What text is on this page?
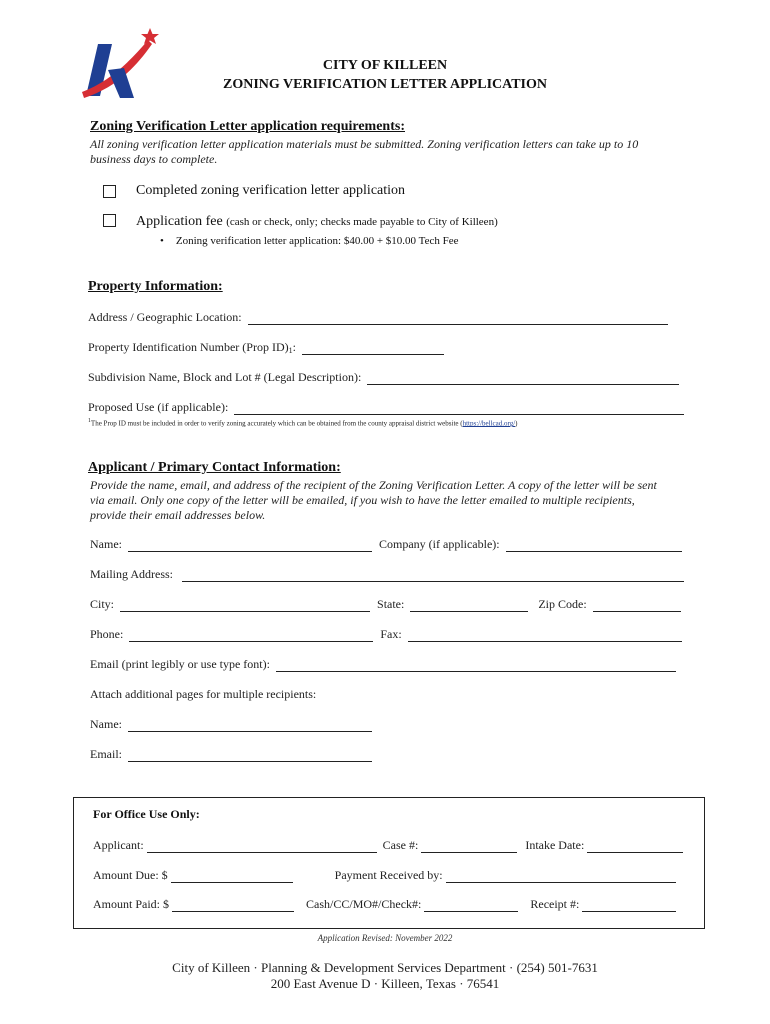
CITY OF KILLEEN
ZONING VERIFICATION LETTER APPLICATION
Zoning Verification Letter application requirements:
All zoning verification letter application materials must be submitted. Zoning verification letters can take up to 10
business days to complete.
Completed zoning verification letter application
Application fee (cash or check, only; checks made payable to City of Killeen)
• Zoning verification letter application: $40.00 + $10.00 Tech Fee
Property Information:
Address / Geographic Location:
Property Identification Number (Prop $ID)_1$ :
Subdivision Name, Block and Lot # (Legal Description):
Proposed Use (if applicable):
$^1$The Prop ID must be included in order to verify zoning accurately which can be obtained from the county appraisal district website (https://bellcad.org/)
Applicant / Primary Contact Information:
Provide the name, email, and address of the recipient of the Zoning Verification Letter. A copy of the letter will be sent
via email. Only one copy of the letter will be emailed, if you wish to have the letter emailed to multiple recipients,
provide their email addresses below.
Name:	Company (if applicable):
Mailing Address:
City:	State:	Zip Code:
Phone:	Fax:
Email (print legibly or use type font):
Attach additional pages for multiple recipients:
Name:
Email:
For Office Use Only:
Applicant:	Case #:	Intake Date:
Amount Due: $	Payment Received by:
Amount Paid: $	Cash/CC/MO#/Check#:	Receipt #:
Application Revised: November 2022
City of Killeen · Planning & Development Services Department · (254) 501-7631
200 East Avenue D · Killeen, Texas · 76541
